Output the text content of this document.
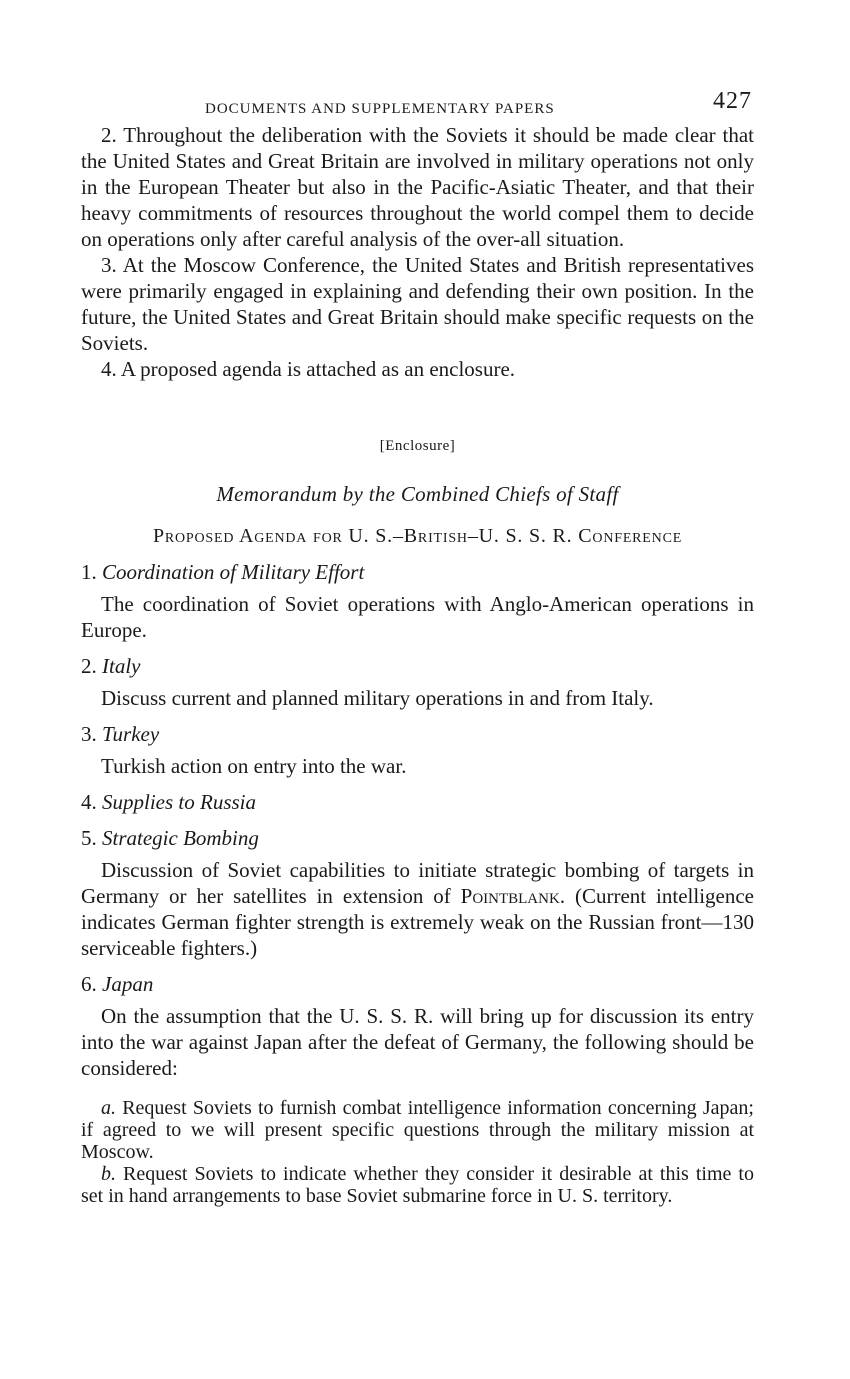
DOCUMENTS AND SUPPLEMENTARY PAPERS	427

2. Throughout the deliberation with the Soviets it should be made clear that the United States and Great Britain are involved in military operations not only in the European Theater but also in the Pacific-Asiatic Theater, and that their heavy commitments of resources throughout the world compel them to decide on operations only after careful analysis of the over-all situation.

3. At the Moscow Conference, the United States and British representatives were primarily engaged in explaining and defending their own position. In the future, the United States and Great Britain should make specific requests on the Soviets.

4. A proposed agenda is attached as an enclosure.

[Enclosure]
Memorandum by the Combined Chiefs of Staff
Proposed Agenda for U. S.–British–U. S. S. R. Conference
1. Coordination of Military Effort

The coordination of Soviet operations with Anglo-American operations in Europe.

2. Italy

Discuss current and planned military operations in and from Italy.

3. Turkey

Turkish action on entry into the war.

4. Supplies to Russia
5. Strategic Bombing

Discussion of Soviet capabilities to initiate strategic bombing of targets in Germany or her satellites in extension of Pointblank. (Current intelligence indicates German fighter strength is extremely weak on the Russian front—130 serviceable fighters.)

6. Japan

On the assumption that the U. S. S. R. will bring up for discussion its entry into the war against Japan after the defeat of Germany, the following should be considered:

a. Request Soviets to furnish combat intelligence information concerning Japan; if agreed to we will present specific questions through the military mission at Moscow.

b. Request Soviets to indicate whether they consider it desirable at this time to set in hand arrangements to base Soviet submarine force in U. S. territory.
